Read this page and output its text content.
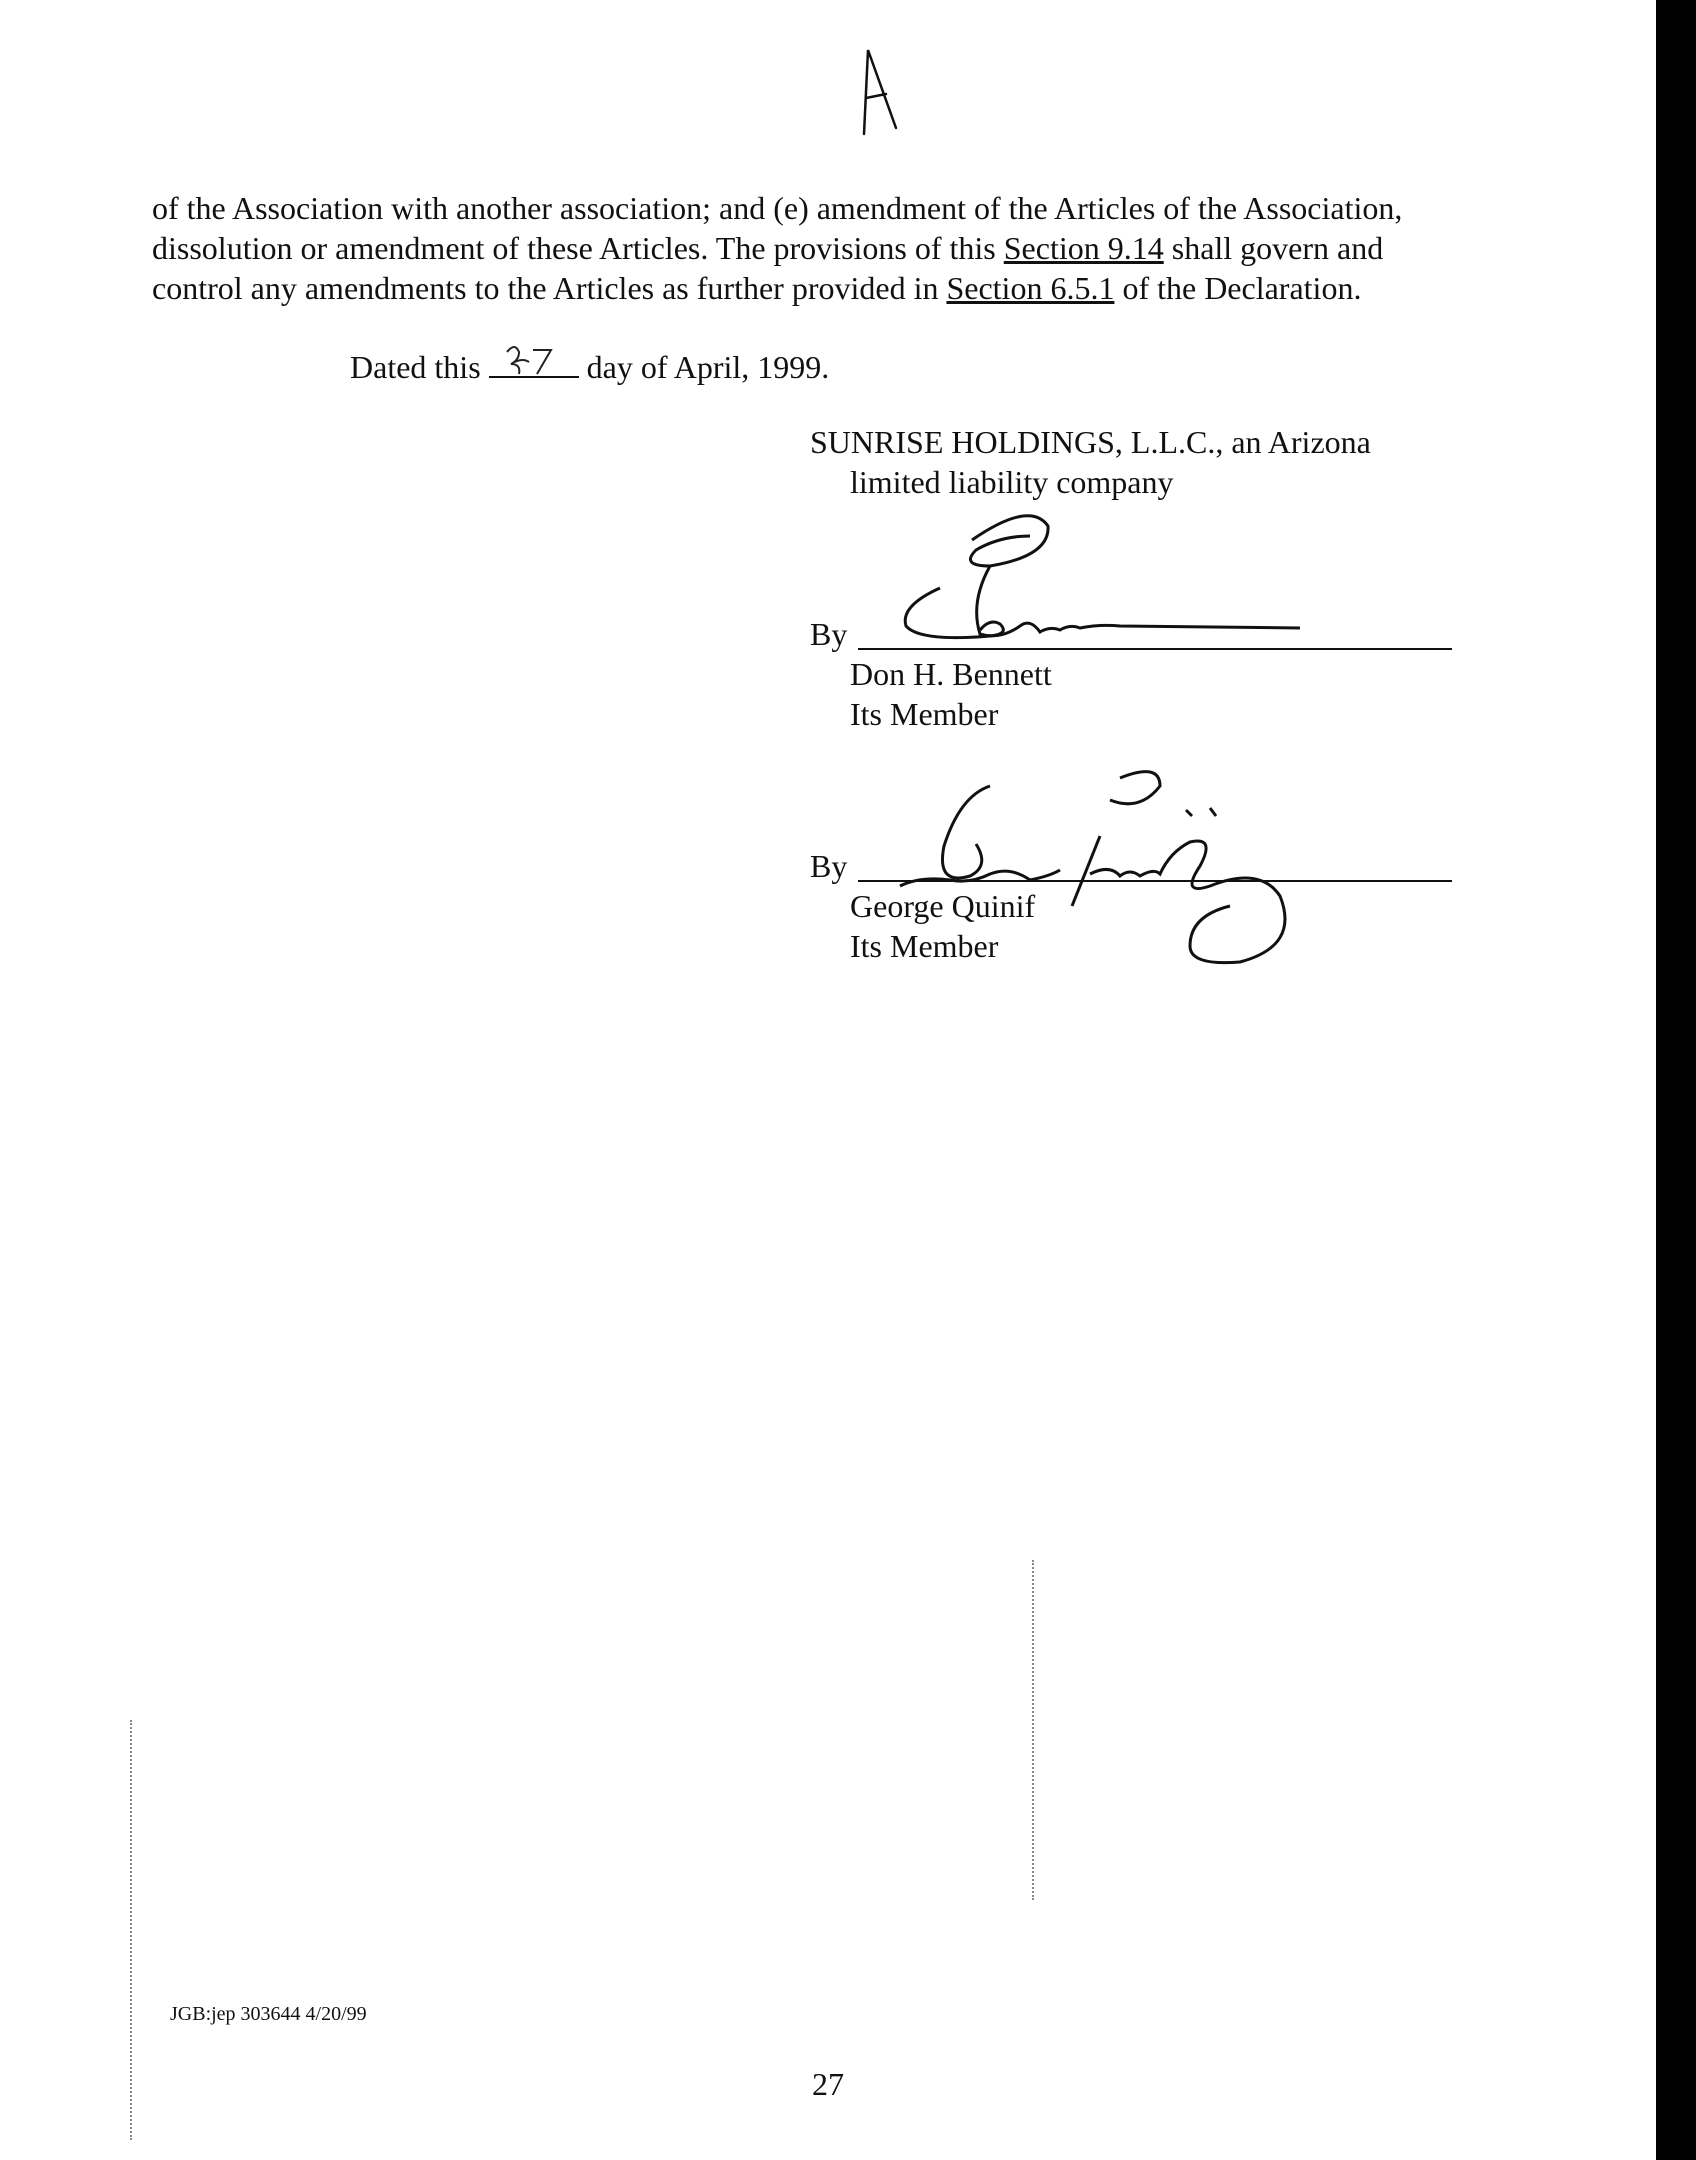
of the Association with another association; and (e) amendment of the Articles of the Association,
dissolution or amendment of these Articles. The provisions of this Section 9.14 shall govern and
control any amendments to the Articles as further provided in Section 6.5.1 of the Declaration.
Dated this	day of April, 1999.
SUNRISE HOLDINGS, L.L.C., an Arizona
limited liability company
By
Don H. Bennett
Its Member
By
George Quinif
Its Member
JGB:jep 303644 4/20/99
27
